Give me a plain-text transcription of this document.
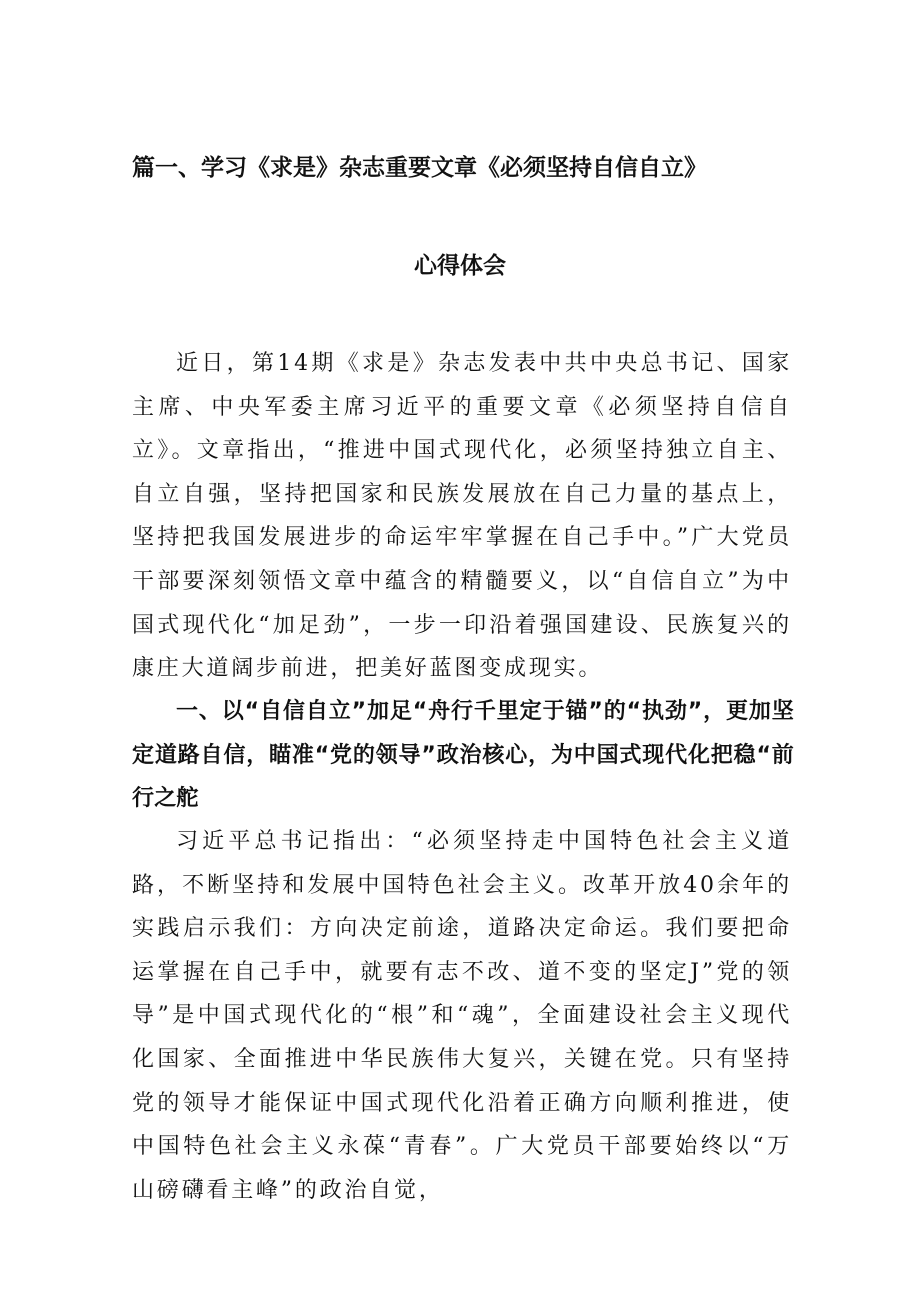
篇一、学习《求是》杂志重要文章《必须坚持自信自立》
心得体会
近日，第14期《求是》杂志发表中共中央总书记、国家主席、中央军委主席习近平的重要文章《必须坚持自信自立》。文章指出，“推进中国式现代化，必须坚持独立自主、自立自强，坚持把国家和民族发展放在自己力量的基点上，坚持把我国发展进步的命运牢牢掌握在自己手中。”广大党员干部要深刻领悟文章中蕴含的精髓要义，以“自信自立”为中国式现代化“加足劲”，一步一印沿着强国建设、民族复兴的康庄大道阔步前进，把美好蓝图变成现实。
一、以“自信自立”加足“舟行千里定于锚”的“执劲”，更加坚定道路自信，瞄准“党的领导”政治核心，为中国式现代化把稳“前行之舵
习近平总书记指出：“必须坚持走中国特色社会主义道路，不断坚持和发展中国特色社会主义。改革开放40余年的实践启示我们：方向决定前途，道路决定命运。我们要把命运掌握在自己手中，就要有志不改、道不变的坚定J”党的领导”是中国式现代化的“根”和“魂”，全面建设社会主义现代化国家、全面推进中华民族伟大复兴，关键在党。只有坚持党的领导才能保证中国式现代化沿着正确方向顺利推进，使中国特色社会主义永葆“青春”。广大党员干部要始终以“万山磅礴看主峰”的政治自觉，
